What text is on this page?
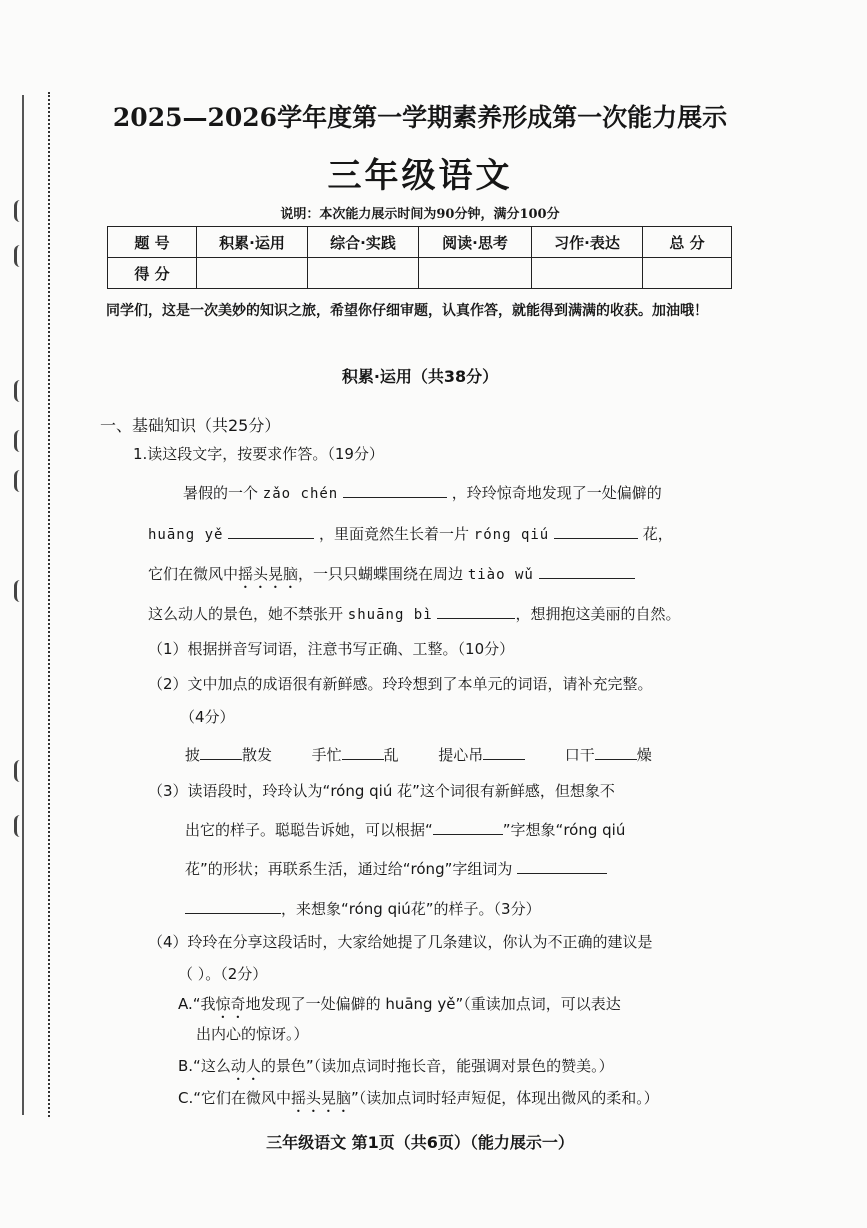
2025—2026学年度第一学期素养形成第一次能力展示
三年级语文
说明：本次能力展示时间为90分钟，满分100分
题 号	积累·运用	综合·实践	阅读·思考	习作·表达	总 分
得 分					
同学们，这是一次美妙的知识之旅，希望你仔细审题，认真作答，就能得到满满的收获。加油哦！
积累·运用（共38分）
一、基础知识（共25分）
1.读这段文字，按要求作答。（19分）
暑假的一个 zǎo chén	，玲玲惊奇地发现了一处偏僻的
huāng yě	，里面竟然生长着一片 róng qiú	花，
它们在微风中摇头晃脑，一只只蝴蝶围绕在周边 tiào wǔ
这么动人的景色，她不禁张开 shuāng bì	，想拥抱这美丽的自然。
（1）根据拼音写词语，注意书写正确、工整。（10分）
（2）文中加点的成语很有新鲜感。玲玲想到了本单元的词语，请补充完整。
（4分）
披	散发	手忙	乱	提心吊	口干	燥
（3）读语段时，玲玲认为“róng qiú 花”这个词很有新鲜感，但想象不
出它的样子。聪聪告诉她，可以根据“	”字想象“róng qiú
花”的形状；再联系生活，通过给“róng”字组词为
，来想象“róng qiú花”的样子。（3分）
（4）玲玲在分享这段话时，大家给她提了几条建议，你认为不正确的建议是
（ ）。（2分）
A.“我惊奇地发现了一处偏僻的 huāng yě”（重读加点词，可以表达
出内心的惊讶。）
B.“这么动人的景色”（读加点词时拖长音，能强调对景色的赞美。）
C.“它们在微风中摇头晃脑”（读加点词时轻声短促，体现出微风的柔和。）
三年级语文 第1页（共6页）（能力展示一）
